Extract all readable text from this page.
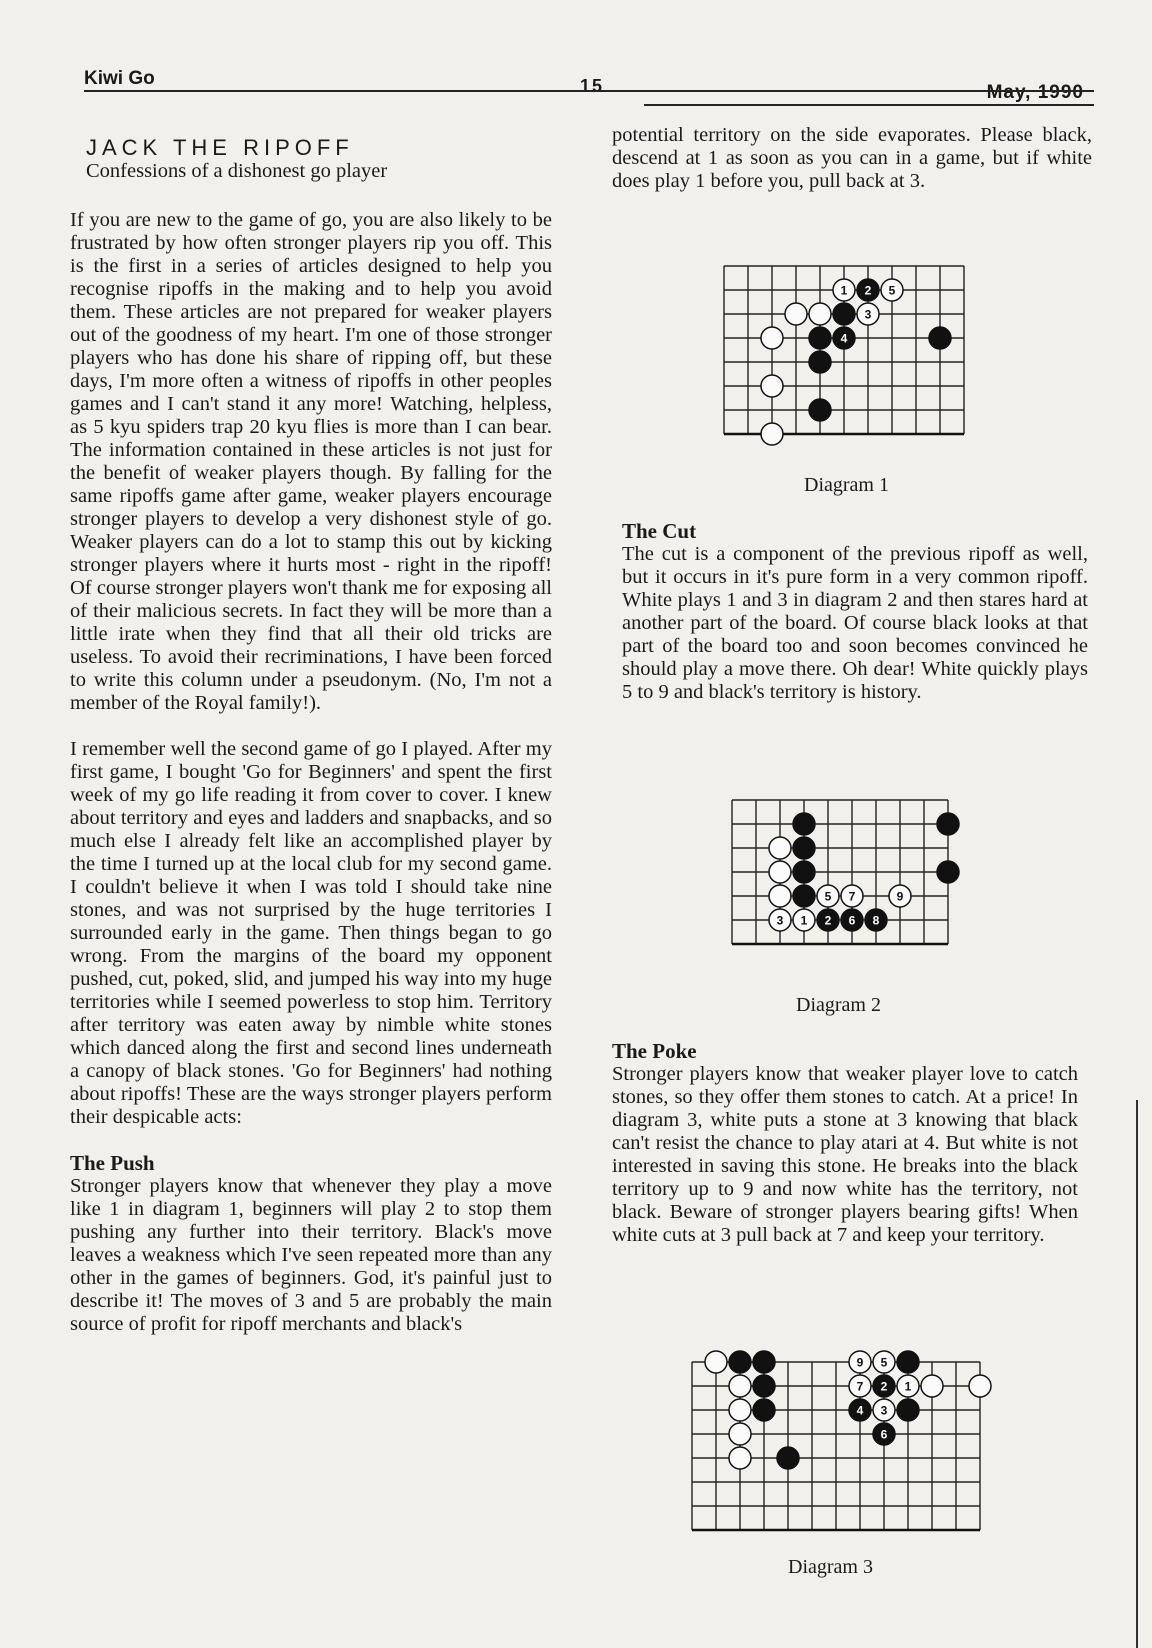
Kiwi Go	15	May, 1990
JACK THE RIPOFF
Confessions of a dishonest go player

If you are new to the game of go, you are also likely to be frustrated by how often stronger players rip you off. This is the first in a series of articles designed to help you recognise ripoffs in the making and to help you avoid them. These articles are not prepared for weaker players out of the goodness of my heart. I'm one of those stronger players who has done his share of ripping off, but these days, I'm more often a witness of ripoffs in other peoples games and I can't stand it any more! Watching, helpless, as 5 kyu spiders trap 20 kyu flies is more than I can bear. The information contained in these articles is not just for the benefit of weaker players though. By falling for the same ripoffs game after game, weaker players encourage stronger players to develop a very dishonest style of go. Weaker players can do a lot to stamp this out by kicking stronger players where it hurts most - right in the ripoff! Of course stronger players won't thank me for exposing all of their malicious secrets. In fact they will be more than a little irate when they find that all their old tricks are useless. To avoid their recriminations, I have been forced to write this column under a pseudonym. (No, I'm not a member of the Royal family!).

I remember well the second game of go I played. After my first game, I bought 'Go for Beginners' and spent the first week of my go life reading it from cover to cover. I knew about territory and eyes and ladders and snapbacks, and so much else I already felt like an accomplished player by the time I turned up at the local club for my second game. I couldn't believe it when I was told I should take nine stones, and was not surprised by the huge territories I surrounded early in the game. Then things began to go wrong. From the margins of the board my opponent pushed, cut, poked, slid, and jumped his way into my huge territories while I seemed powerless to stop him. Territory after territory was eaten away by nimble white stones which danced along the first and second lines underneath a canopy of black stones. 'Go for Beginners' had nothing about ripoffs! These are the ways stronger players perform their despicable acts:

The Push

Stronger players know that whenever they play a move like 1 in diagram 1, beginners will play 2 to stop them pushing any further into their territory. Black's move leaves a weakness which I've seen repeated more than any other in the games of beginners. God, it's painful just to describe it! The moves of 3 and 5 are probably the main source of profit for ripoff merchants and black's

potential territory on the side evaporates. Please black, descend at 1 as soon as you can in a game, but if white does play 1 before you, pull back at 3.

1 2 5
3
4
Diagram 1
The Cut

The cut is a component of the previous ripoff as well, but it occurs in it's pure form in a very common ripoff. White plays 1 and 3 in diagram 2 and then stares hard at another part of the board. Of course black looks at that part of the board too and soon becomes convinced he should play a move there. Oh dear! White quickly plays 5 to 9 and black's territory is history.

5 7	9
3 1 2 6 8
Diagram 2
The Poke

Stronger players know that weaker player love to catch stones, so they offer them stones to catch. At a price! In diagram 3, white puts a stone at 3 knowing that black can't resist the chance to play atari at 4. But white is not interested in saving this stone. He breaks into the black territory up to 9 and now white has the territory, not black. Beware of stronger players bearing gifts! When white cuts at 3 pull back at 7 and keep your territory.

9 5
7 2 1
4 3
6
Diagram 3
